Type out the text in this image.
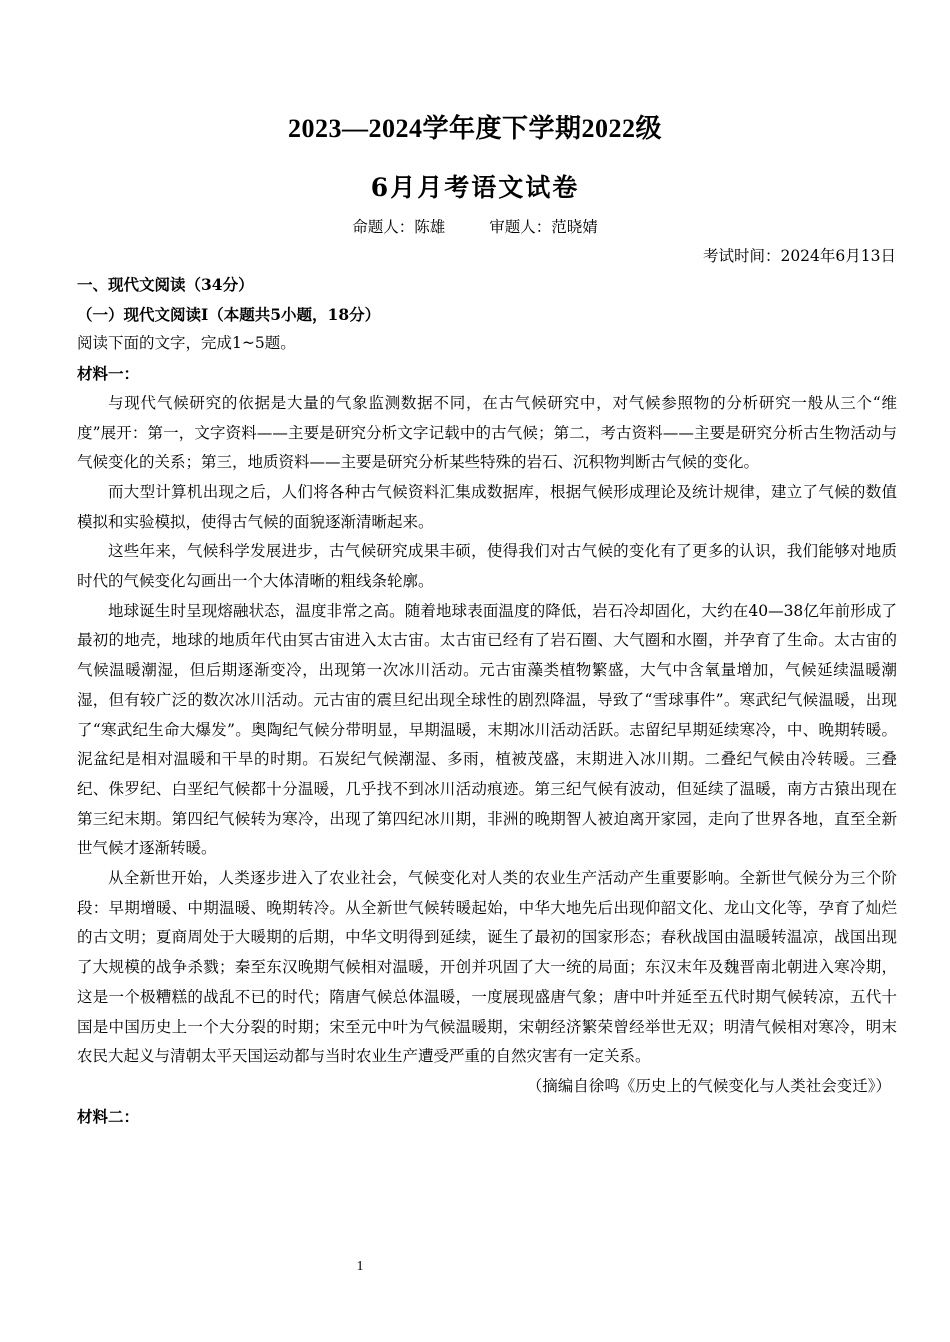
2023—2024学年度下学期2022级
6月月考语文试卷
命题人：陈雄	审题人：范晓婧
考试时间：2024年6月13日

一、现代文阅读（34分）

（一）现代文阅读Ⅰ（本题共5小题，18分）

阅读下面的文字，完成1~5题。

材料一：

与现代气候研究的依据是大量的气象监测数据不同，在古气候研究中，对气候参照物的分析研究一般从三个“维度”展开：第一，文字资料——主要是研究分析文字记载中的古气候；第二，考古资料——主要是研究分析古生物活动与气候变化的关系；第三，地质资料——主要是研究分析某些特殊的岩石、沉积物判断古气候的变化。

而大型计算机出现之后，人们将各种古气候资料汇集成数据库，根据气候形成理论及统计规律，建立了气候的数值模拟和实验模拟，使得古气候的面貌逐渐清晰起来。

这些年来，气候科学发展进步，古气候研究成果丰硕，使得我们对古气候的变化有了更多的认识，我们能够对地质时代的气候变化勾画出一个大体清晰的粗线条轮廓。

地球诞生时呈现熔融状态，温度非常之高。随着地球表面温度的降低，岩石冷却固化，大约在40—38亿年前形成了最初的地壳，地球的地质年代由冥古宙进入太古宙。太古宙已经有了岩石圈、大气圈和水圈，并孕育了生命。太古宙的气候温暖潮湿，但后期逐渐变冷，出现第一次冰川活动。元古宙藻类植物繁盛，大气中含氧量增加，气候延续温暖潮湿，但有较广泛的数次冰川活动。元古宙的震旦纪出现全球性的剧烈降温，导致了“雪球事件”。寒武纪气候温暖，出现了“寒武纪生命大爆发”。奥陶纪气候分带明显，早期温暖，末期冰川活动活跃。志留纪早期延续寒冷，中、晚期转暖。泥盆纪是相对温暖和干旱的时期。石炭纪气候潮湿、多雨，植被茂盛，末期进入冰川期。二叠纪气候由冷转暖。三叠纪、侏罗纪、白垩纪气候都十分温暖，几乎找不到冰川活动痕迹。第三纪气候有波动，但延续了温暖，南方古猿出现在第三纪末期。第四纪气候转为寒冷，出现了第四纪冰川期，非洲的晚期智人被迫离开家园，走向了世界各地，直至全新世气候才逐渐转暖。

从全新世开始，人类逐步进入了农业社会，气候变化对人类的农业生产活动产生重要影响。全新世气候分为三个阶段：早期增暖、中期温暖、晚期转冷。从全新世气候转暖起始，中华大地先后出现仰韶文化、龙山文化等，孕育了灿烂的古文明；夏商周处于大暖期的后期，中华文明得到延续，诞生了最初的国家形态；春秋战国由温暖转温凉，战国出现了大规模的战争杀戮；秦至东汉晚期气候相对温暖，开创并巩固了大一统的局面；东汉末年及魏晋南北朝进入寒冷期，这是一个极糟糕的战乱不已的时代；隋唐气候总体温暖，一度展现盛唐气象；唐中叶并延至五代时期气候转凉，五代十国是中国历史上一个大分裂的时期；宋至元中叶为气候温暖期，宋朝经济繁荣曾经举世无双；明清气候相对寒冷，明末农民大起义与清朝太平天国运动都与当时农业生产遭受严重的自然灾害有一定关系。

（摘编自徐鸣《历史上的气候变化与人类社会变迁》）

材料二：

1
